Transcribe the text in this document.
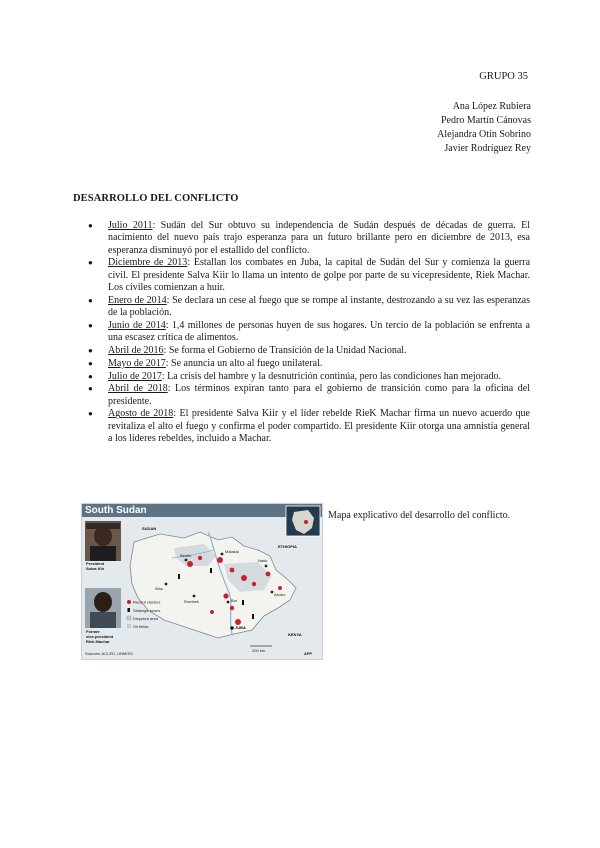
GRUPO 35
Ana López Rubiera
Pedro Martín Cánovas
Alejandra Otín Sobrino
Javier Rodríguez Rey
DESARROLLO DEL CONFLICTO
● Julio 2011: Sudán del Sur obtuvo su independencia de Sudán después de décadas de guerra. El nacimiento del nuevo país trajo esperanza para un futuro brillante pero en diciembre de 2013, esa esperanza disminuyó por el estallido del conflicto.
● Diciembre de 2013: Estallan los combates en Juba, la capital de Sudán del Sur y comienza la guerra civil. El presidente Salva Kiir lo llama un intento de golpe por parte de su vicepresidente, Riek Machar. Los civiles comienzan a huir.
● Enero de 2014: Se declara un cese al fuego que se rompe al instante, destrozando a su vez las esperanzas de la población.
● Junio de 2014: 1,4 millones de personas huyen de sus hogares. Un tercio de la población se enfrenta a una escasez crítica de alimentos.
● Abril de 2016: Se forma el Gobierno de Transición de la Unidad Nacional.
● Mayo de 2017: Se anuncia un alto al fuego unilateral.
● Julio de 2017: La crisis del hambre y la desnutrición continúa, pero las condiciones han mejorado.
● Abril de 2018: Los términos expiran tanto para el gobierno de transición como para la oficina del presidente.
● Agosto de 2018: El presidente Salva Kiir y el líder rebelde RieK Machar firma un nuevo acuerdo que revitaliza el alto el fuego y confirma el poder compartido. El presidente Kiir otorga una amnistía general a los líderes rebeldes, incluido a Machar.
ETHIOPIA
SUDAN
KENYA
Bentiu
Malakal
Bor
JUBA
Wau
Rumbek
Nasir
Akobo
President
Salva Kiir
Former
vice-president
Riek Machar
Recent clashes
Strategic towns
Disputed area
Oil fields
200 km
Sources: ACLED, UNMISS	AFP
South Sudan	Mapa explicativo del desarrollo del conflicto.
